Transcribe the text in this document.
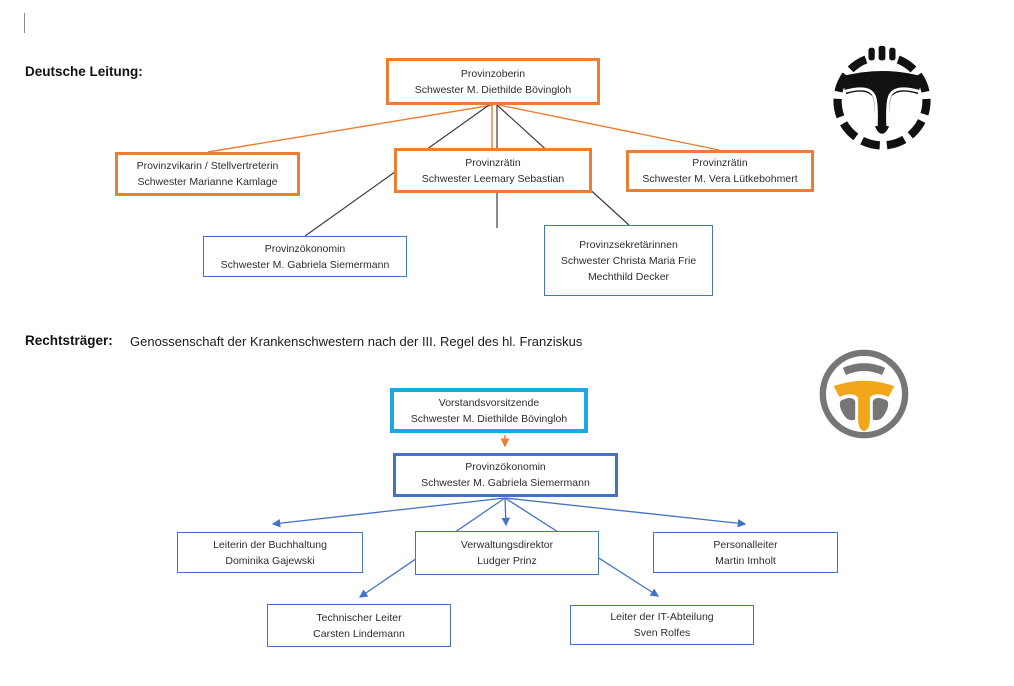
Deutsche Leitung:
Rechtsträger: Genossenschaft der Krankenschwestern nach der III. Regel des hl. Franziskus
Provinzoberin
Schwester M. Diethilde Bövingloh
Provinzvikarin / Stellvertreterin
Schwester Marianne Kamlage
Provinzrätin
Schwester Leemary Sebastian
Provinzrätin
Schwester M. Vera Lütkebohmert
Provinzökonomin
Schwester M. Gabriela Siemermann
Provinzsekretärinnen
Schwester Christa Maria Frie
Mechthild Decker
Vorstandsvorsitzende
Schwester M. Diethilde Bövingloh
Provinzökonomin
Schwester M. Gabriela Siemermann
Leiterin der Buchhaltung
Dominika Gajewski
Verwaltungsdirektor
Ludger Prinz
Personalleiter
Martin Imholt
Technischer Leiter
Carsten Lindemann
Leiter der IT-Abteilung
Sven Rolfes
